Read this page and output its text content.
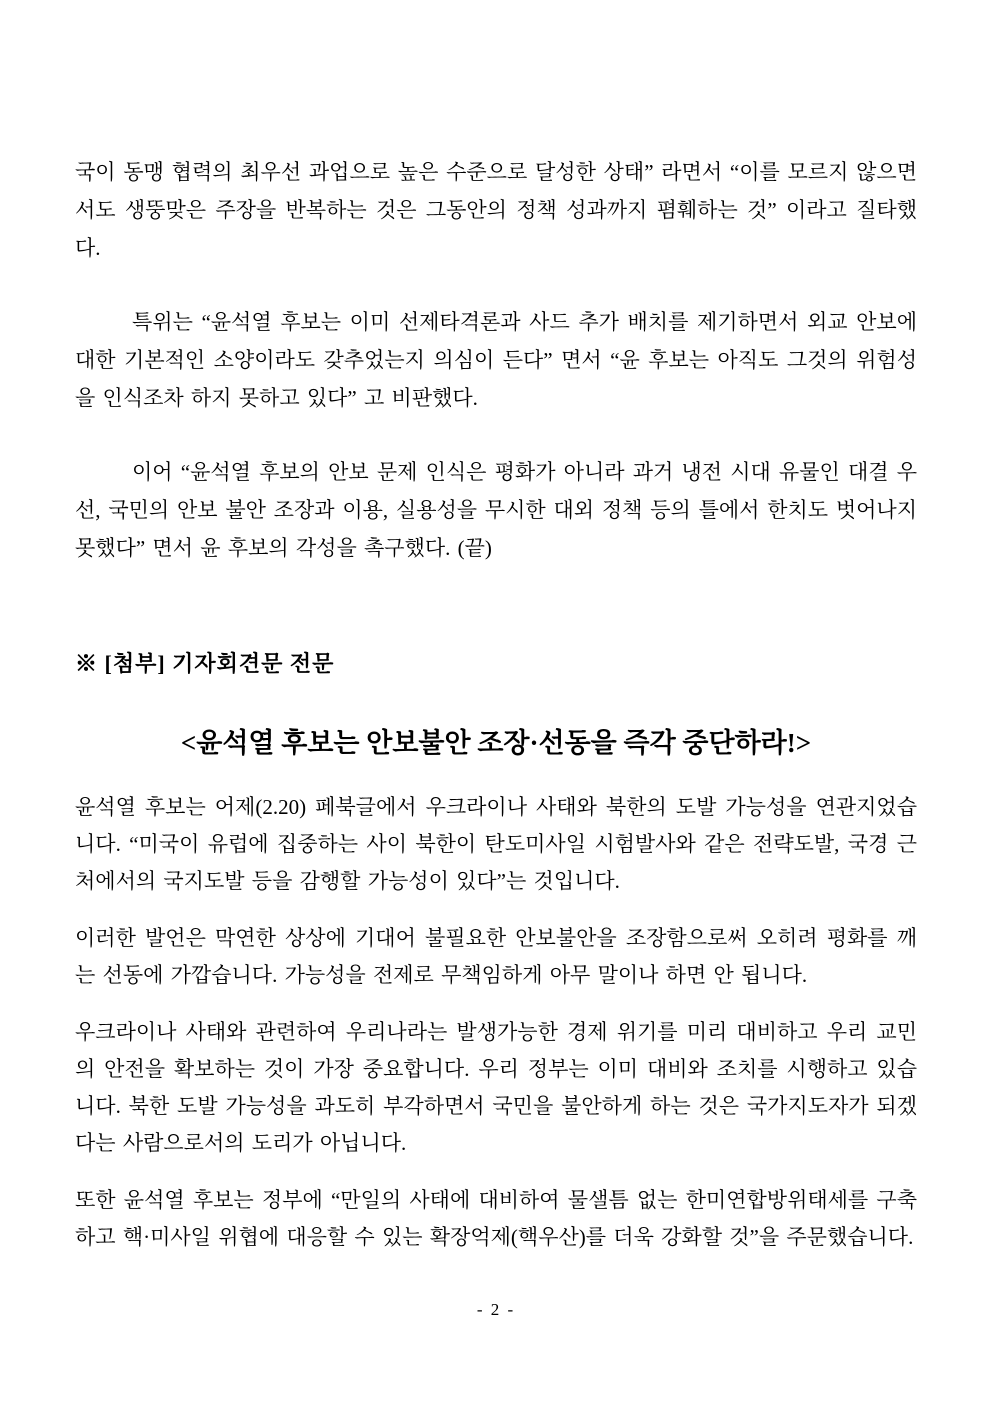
국이 동맹 협력의 최우선 과업으로 높은 수준으로 달성한 상태” 라면서 “이를 모르지 않으면서도 생뚱맞은 주장을 반복하는 것은 그동안의 정책 성과까지 폄훼하는 것” 이라고 질타했다.

특위는 “윤석열 후보는 이미 선제타격론과 사드 추가 배치를 제기하면서 외교 안보에 대한 기본적인 소양이라도 갖추었는지 의심이 든다” 면서 “윤 후보는 아직도 그것의 위험성을 인식조차 하지 못하고 있다” 고 비판했다.

이어 “윤석열 후보의 안보 문제 인식은 평화가 아니라 과거 냉전 시대 유물인 대결 우선, 국민의 안보 불안 조장과 이용, 실용성을 무시한 대외 정책 등의 틀에서 한치도 벗어나지 못했다” 면서 윤 후보의 각성을 촉구했다. (끝)

※ [첨부] 기자회견문 전문

<윤석열 후보는 안보불안 조장·선동을 즉각 중단하라!>

윤석열 후보는 어제(2.20) 페북글에서 우크라이나 사태와 북한의 도발 가능성을 연관지었습니다. “미국이 유럽에 집중하는 사이 북한이 탄도미사일 시험발사와 같은 전략도발, 국경 근처에서의 국지도발 등을 감행할 가능성이 있다”는 것입니다.

이러한 발언은 막연한 상상에 기대어 불필요한 안보불안을 조장함으로써 오히려 평화를 깨는 선동에 가깝습니다. 가능성을 전제로 무책임하게 아무 말이나 하면 안 됩니다.

우크라이나 사태와 관련하여 우리나라는 발생가능한 경제 위기를 미리 대비하고 우리 교민의 안전을 확보하는 것이 가장 중요합니다. 우리 정부는 이미 대비와 조치를 시행하고 있습니다. 북한 도발 가능성을 과도히 부각하면서 국민을 불안하게 하는 것은 국가지도자가 되겠다는 사람으로서의 도리가 아닙니다.

또한 윤석열 후보는 정부에 “만일의 사태에 대비하여 물샐틈 없는 한미연합방위태세를 구축하고 핵·미사일 위협에 대응할 수 있는 확장억제(핵우산)를 더욱 강화할 것”을 주문했습니다.

- 2 -
